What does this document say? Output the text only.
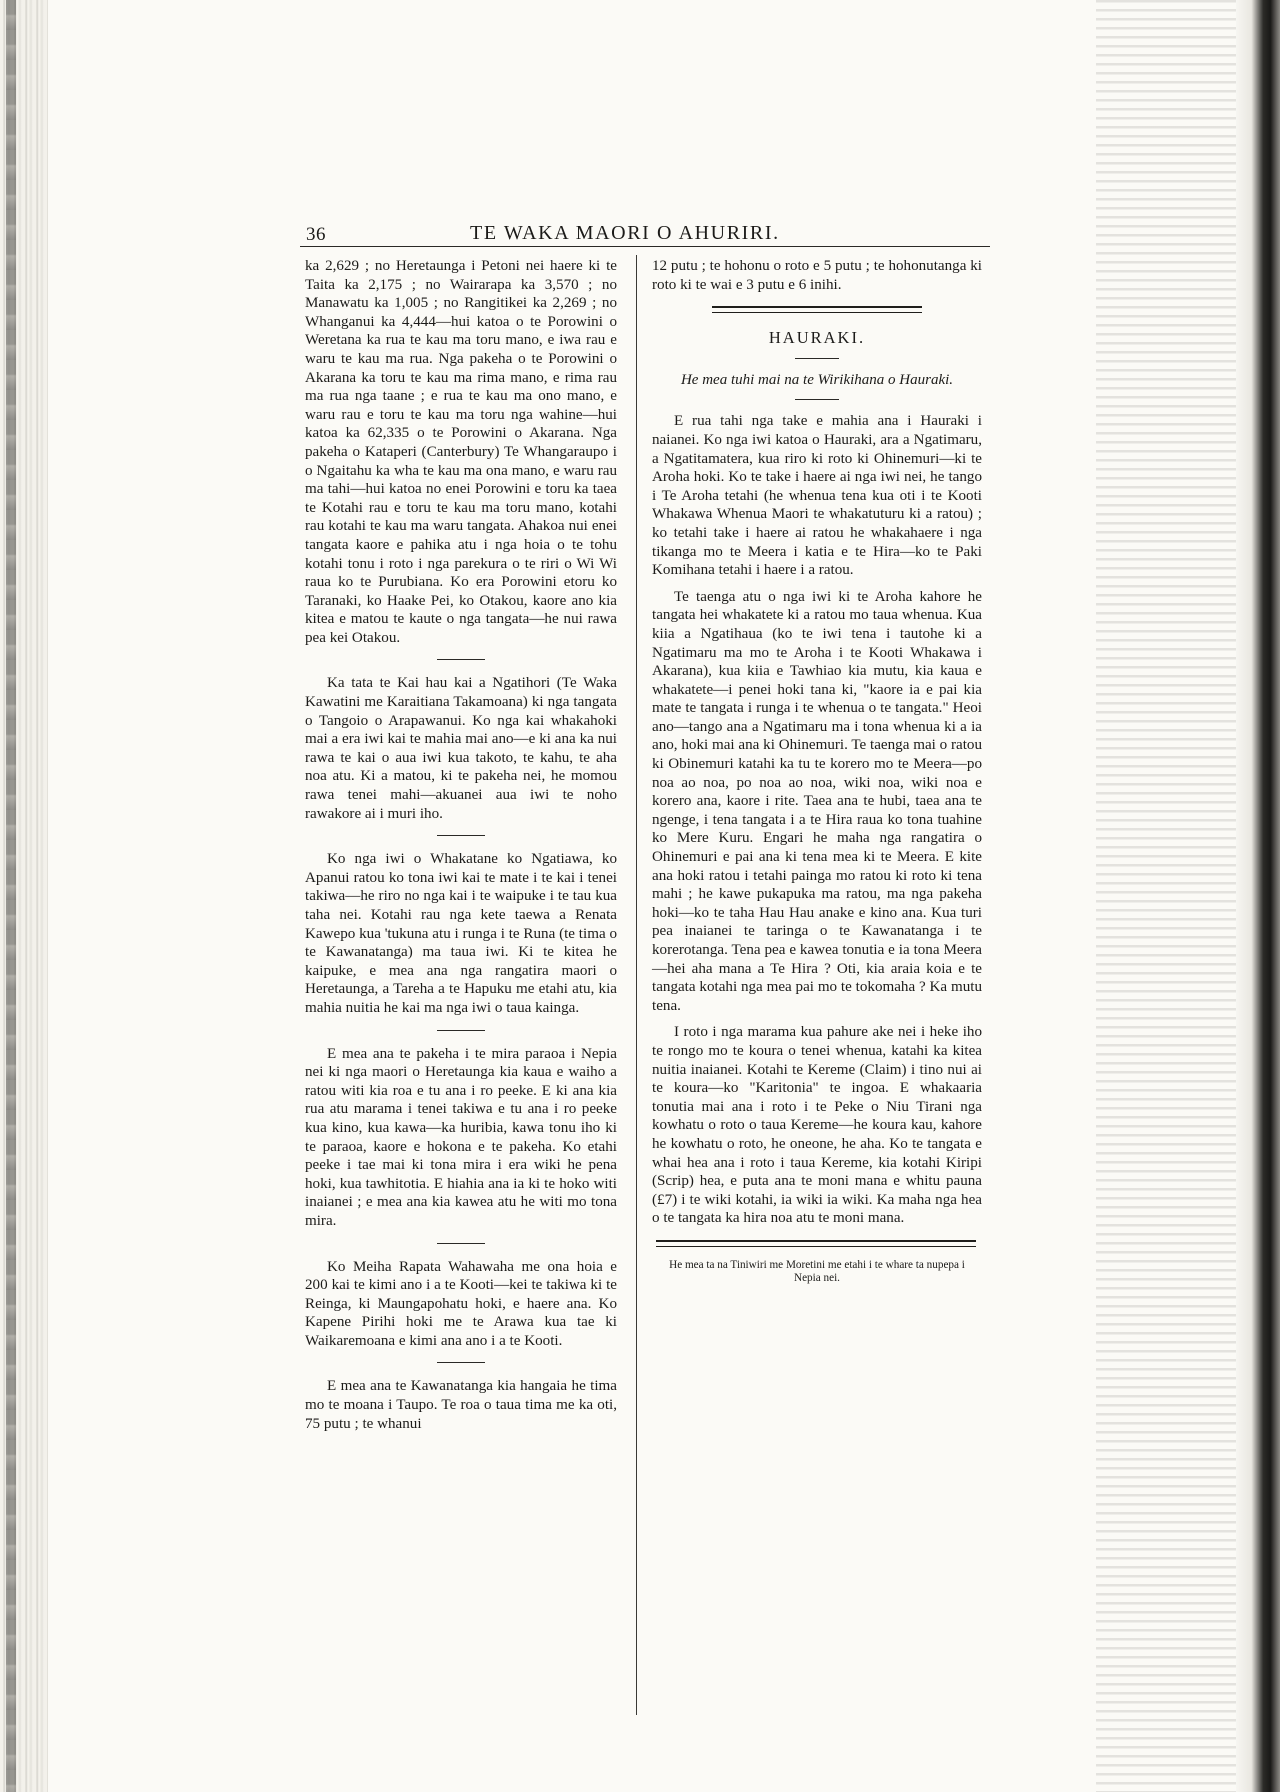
36	TE WAKA MAORI O AHURIRI.

ka 2,629 ; no Heretaunga i Petoni nei haere ki te Taita ka 2,175 ; no Wairarapa ka 3,570 ; no Manawatu ka 1,005 ; no Rangitikei ka 2,269 ; no Whanganui ka 4,444—hui katoa o te Porowini o Weretana ka rua te kau ma toru mano, e iwa rau e waru te kau ma rua. Nga pakeha o te Porowini o Akarana ka toru te kau ma rima mano, e rima rau ma rua nga taane ; e rua te kau ma ono mano, e waru rau e toru te kau ma toru nga wahine—hui katoa ka 62,335 o te Porowini o Akarana. Nga pakeha o Kataperi (Canterbury) Te Whangaraupo i o Ngaitahu ka wha te kau ma ona mano, e waru rau ma tahi—hui katoa no enei Porowini e toru ka taea te Kotahi rau e toru te kau ma toru mano, kotahi rau kotahi te kau ma waru tangata. Ahakoa nui enei tangata kaore e pahika atu i nga hoia o te tohu kotahi tonu i roto i nga parekura o te riri o Wi Wi raua ko te Purubiana. Ko era Porowini etoru ko Taranaki, ko Haake Pei, ko Otakou, kaore ano kia kitea e matou te kaute o nga tangata—he nui rawa pea kei Otakou.

Ka tata te Kai hau kai a Ngatihori (Te Waka Kawatini me Karaitiana Takamoana) ki nga tangata o Tangoio o Arapawanui. Ko nga kai whakahoki mai a era iwi kai te mahia mai ano—e ki ana ka nui rawa te kai o aua iwi kua takoto, te kahu, te aha noa atu. Ki a matou, ki te pakeha nei, he momou rawa tenei mahi—akuanei aua iwi te noho rawakore ai i muri iho.

Ko nga iwi o Whakatane ko Ngatiawa, ko Apanui ratou ko tona iwi kai te mate i te kai i tenei takiwa—he riro no nga kai i te waipuke i te tau kua taha nei. Kotahi rau nga kete taewa a Renata Kawepo kua 'tukuna atu i runga i te Runa (te tima o te Kawanatanga) ma taua iwi. Ki te kitea he kaipuke, e mea ana nga rangatira maori o Heretaunga, a Tareha a te Hapuku me etahi atu, kia mahia nuitia he kai ma nga iwi o taua kainga.

E mea ana te pakeha i te mira paraoa i Nepia nei ki nga maori o Heretaunga kia kaua e waiho a ratou witi kia roa e tu ana i ro peeke. E ki ana kia rua atu marama i tenei takiwa e tu ana i ro peeke kua kino, kua kawa—ka huribia, kawa tonu iho ki te paraoa, kaore e hokona e te pakeha. Ko etahi peeke i tae mai ki tona mira i era wiki he pena hoki, kua tawhitotia. E hiahia ana ia ki te hoko witi inaianei ; e mea ana kia kawea atu he witi mo tona mira.

Ko Meiha Rapata Wahawaha me ona hoia e 200 kai te kimi ano i a te Kooti—kei te takiwa ki te Reinga, ki Maungapohatu hoki, e haere ana. Ko Kapene Pirihi hoki me te Arawa kua tae ki Waikaremoana e kimi ana ano i a te Kooti.

E mea ana te Kawanatanga kia hangaia he tima mo te moana i Taupo. Te roa o taua tima me ka oti, 75 putu ; te whanui

12 putu ; te hohonu o roto e 5 putu ; te hohonutanga ki roto ki te wai e 3 putu e 6 inihi.

HAURAKI.
He mea tuhi mai na te Wirikihana o Hauraki.

E rua tahi nga take e mahia ana i Hauraki i naianei. Ko nga iwi katoa o Hauraki, ara a Ngatimaru, a Ngatitamatera, kua riro ki roto ki Ohinemuri—ki te Aroha hoki. Ko te take i haere ai nga iwi nei, he tango i Te Aroha tetahi (he whenua tena kua oti i te Kooti Whakawa Whenua Maori te whakatuturu ki a ratou) ; ko tetahi take i haere ai ratou he whakahaere i nga tikanga mo te Meera i katia e te Hira—ko te Paki Komihana tetahi i haere i a ratou.

Te taenga atu o nga iwi ki te Aroha kahore he tangata hei whakatete ki a ratou mo taua whenua. Kua kiia a Ngatihaua (ko te iwi tena i tautohe ki a Ngatimaru ma mo te Aroha i te Kooti Whakawa i Akarana), kua kiia e Tawhiao kia mutu, kia kaua e whakatete—i penei hoki tana ki, "kaore ia e pai kia mate te tangata i runga i te whenua o te tangata." Heoi ano—tango ana a Ngatimaru ma i tona whenua ki a ia ano, hoki mai ana ki Ohinemuri. Te taenga mai o ratou ki Obinemuri katahi ka tu te korero mo te Meera—po noa ao noa, po noa ao noa, wiki noa, wiki noa e korero ana, kaore i rite. Taea ana te hubi, taea ana te ngenge, i tena tangata i a te Hira raua ko tona tuahine ko Mere Kuru. Engari he maha nga rangatira o Ohinemuri e pai ana ki tena mea ki te Meera. E kite ana hoki ratou i tetahi painga mo ratou ki roto ki tena mahi ; he kawe pukapuka ma ratou, ma nga pakeha hoki—ko te taha Hau Hau anake e kino ana. Kua turi pea inaianei te taringa o te Kawanatanga i te korerotanga. Tena pea e kawea tonutia e ia tona Meera—hei aha mana a Te Hira ? Oti, kia araia koia e te tangata kotahi nga mea pai mo te tokomaha ? Ka mutu tena.

I roto i nga marama kua pahure ake nei i heke iho te rongo mo te koura o tenei whenua, katahi ka kitea nuitia inaianei. Kotahi te Kereme (Claim) i tino nui ai te koura—ko "Karitonia" te ingoa. E whakaaria tonutia mai ana i roto i te Peke o Niu Tirani nga kowhatu o roto o taua Kereme—he koura kau, kahore he kowhatu o roto, he oneone, he aha. Ko te tangata e whai hea ana i roto i taua Kereme, kia kotahi Kiripi (Scrip) hea, e puta ana te moni mana e whitu pauna (£7) i te wiki kotahi, ia wiki ia wiki. Ka maha nga hea o te tangata ka hira noa atu te moni mana.

He mea ta na Tiniwiri me Moretini me etahi i te whare ta nupepa i Nepia nei.
